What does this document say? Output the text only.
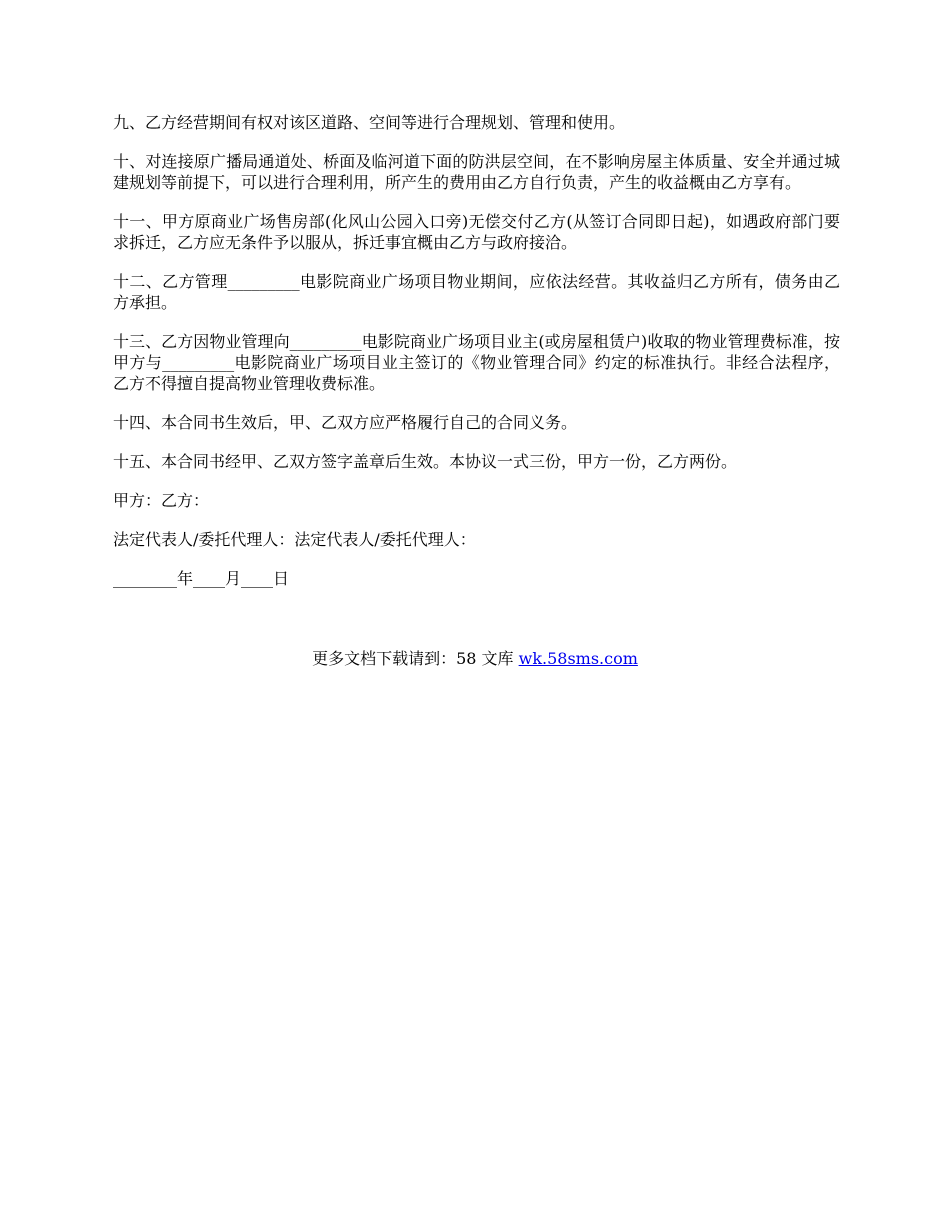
九、乙方经营期间有权对该区道路、空间等进行合理规划、管理和使用。

十、对连接原广播局通道处、桥面及临河道下面的防洪层空间，在不影响房屋主体质量、安全并通过城建规划等前提下，可以进行合理利用，所产生的费用由乙方自行负责，产生的收益概由乙方享有。

十一、甲方原商业广场售房部(化风山公园入口旁)无偿交付乙方(从签订合同即日起)，如遇政府部门要求拆迁，乙方应无条件予以服从，拆迁事宜概由乙方与政府接洽。

十二、乙方管理_________电影院商业广场项目物业期间，应依法经营。其收益归乙方所有，债务由乙方承担。

十三、乙方因物业管理向_________电影院商业广场项目业主(或房屋租赁户)收取的物业管理费标准，按甲方与_________电影院商业广场项目业主签订的《物业管理合同》约定的标准执行。非经合法程序，乙方不得擅自提高物业管理收费标准。

十四、本合同书生效后，甲、乙双方应严格履行自己的合同义务。

十五、本合同书经甲、乙双方签字盖章后生效。本协议一式三份，甲方一份，乙方两份。

甲方：乙方：

法定代表人/委托代理人：法定代表人/委托代理人：

________年____月____日

更多文档下载请到：58 文库 wk.58sms.com
